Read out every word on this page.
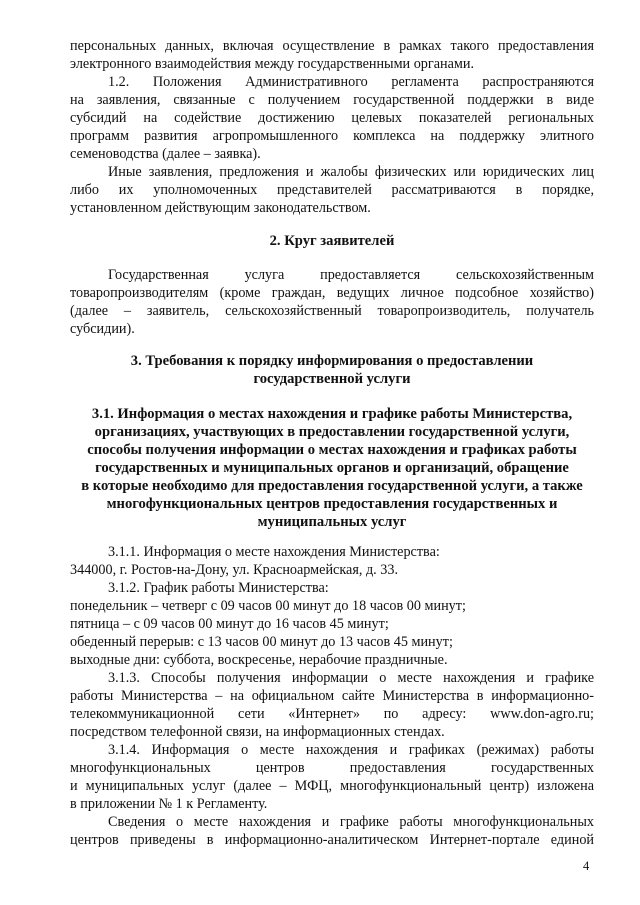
персональных данных, включая осуществление в рамках такого предоставления
электронного взаимодействия между государственными органами.
1.2. Положения Административного регламента распространяются
на заявления, связанные с получением государственной поддержки в виде
субсидий на содействие достижению целевых показателей региональных
программ развития агропромышленного комплекса на поддержку элитного
семеноводства (далее – заявка).
Иные заявления, предложения и жалобы физических или юридических лиц
либо их уполномоченных представителей рассматриваются в порядке,
установленном действующим законодательством.
2. Круг заявителей
Государственная услуга предоставляется сельскохозяйственным
товаропроизводителям (кроме граждан, ведущих личное подсобное хозяйство)
(далее – заявитель, сельскохозяйственный товаропроизводитель, получатель
субсидии).
3. Требования к порядку информирования о предоставлении
государственной услуги
3.1. Информация о местах нахождения и графике работы Министерства,
организациях, участвующих в предоставлении государственной услуги,
способы получения информации о местах нахождения и графиках работы
государственных и муниципальных органов и организаций, обращение
в которые необходимо для предоставления государственной услуги, а также
многофункциональных центров предоставления государственных и
муниципальных услуг
3.1.1. Информация о месте нахождения Министерства:
344000, г. Ростов-на-Дону, ул. Красноармейская, д. 33.
3.1.2. График работы Министерства:
понедельник – четверг с 09 часов 00 минут до 18 часов 00 минут;
пятница – с 09 часов 00 минут до 16 часов 45 минут;
обеденный перерыв: с 13 часов 00 минут до 13 часов 45 минут;
выходные дни: суббота, воскресенье, нерабочие праздничные.
3.1.3. Способы получения информации о месте нахождения и графике
работы Министерства – на официальном сайте Министерства в информационно-
телекоммуникационной сети «Интернет» по адресу: www.don-agro.ru;
посредством телефонной связи, на информационных стендах.
3.1.4. Информация о месте нахождения и графиках (режимах) работы
многофункциональных центров предоставления государственных
и муниципальных услуг (далее – МФЦ, многофункциональный центр) изложена
в приложении № 1 к Регламенту.
Сведения о месте нахождения и графике работы многофункциональных
центров приведены в информационно-аналитическом Интернет-портале единой
4
